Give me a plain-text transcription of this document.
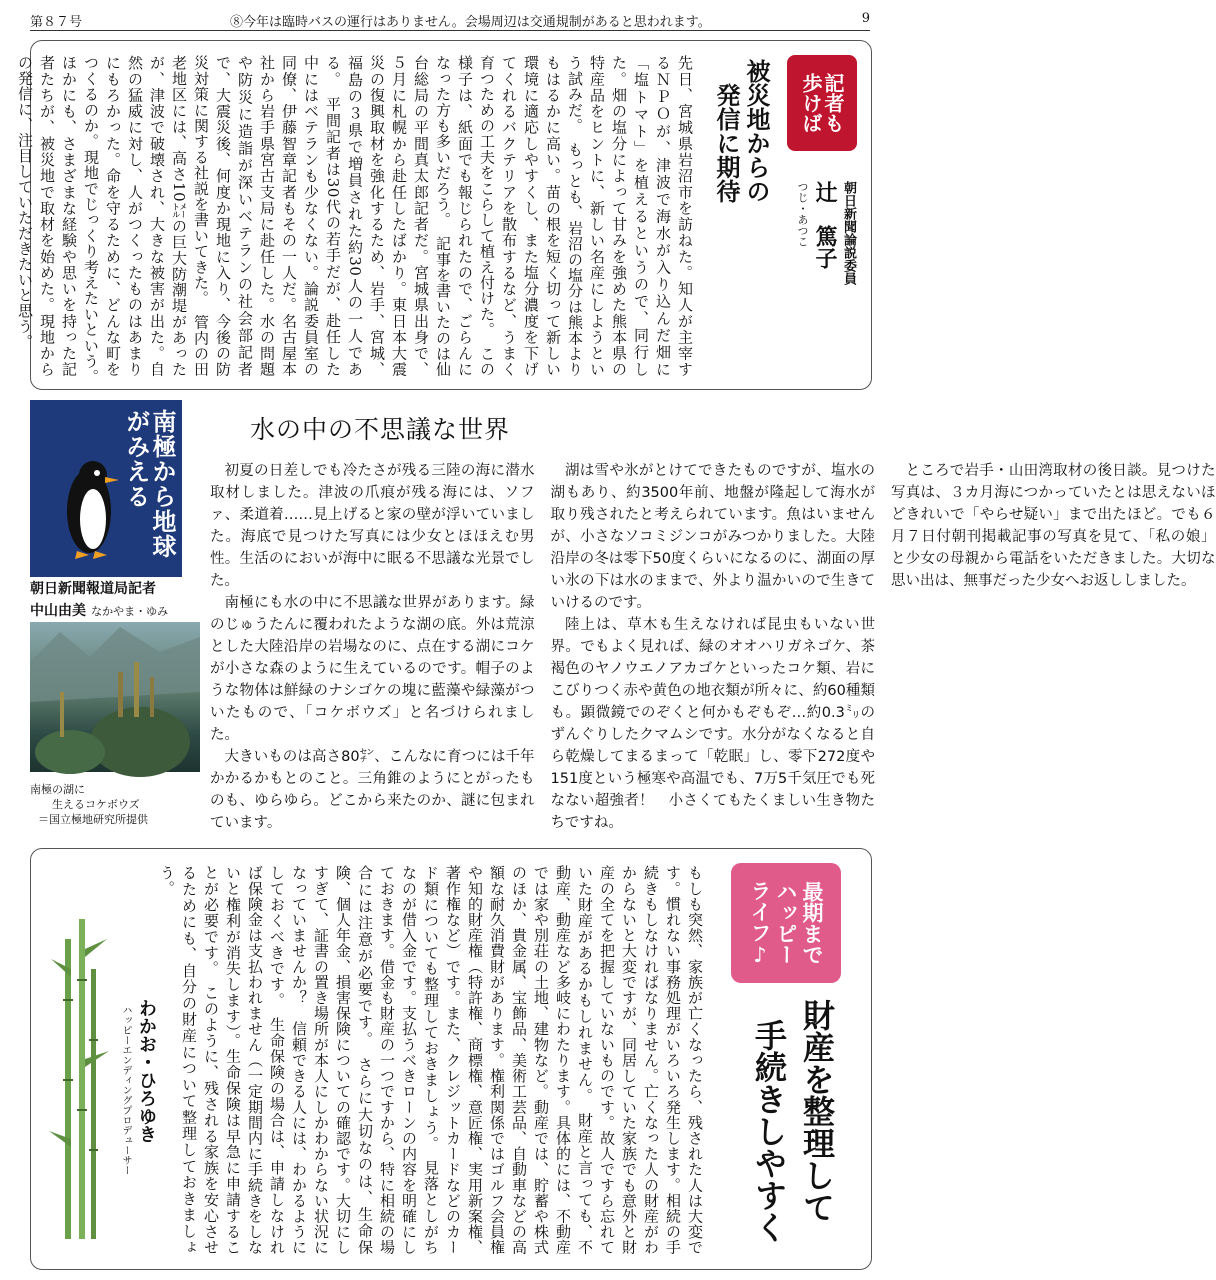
第８７号	⑧今年は臨時バスの運行はありません。会場周辺は交通規制があると思われます。	9
記者も
歩けば
被災地からの
発信に期待
朝日新聞論説委員
辻　篤子
つじ・あつこ
先日、宮城県岩沼市を訪ねた。知人が主宰するＮＰＯが、津波で海水が入り込んだ畑に「塩トマト」を植えるというので、同行した。畑の塩分によって甘みを強めた熊本県の特産品をヒントに、新しい名産にしようという試みだ。　もっとも、岩沼の塩分は熊本よりもはるかに高い。苗の根を短く切って新しい環境に適応しやすくし、また塩分濃度を下げてくれるバクテリアを散布するなど、うまく育つための工夫をこらして植え付けた。　この様子は、紙面でも報じられたので、ごらんになった方も多いだろう。　記事を書いたのは仙台総局の平間真太郎記者だ。宮城県出身で、５月に札幌から赴任したばかり。東日本大震災の復興取材を強化するため、岩手、宮城、福島の３県で増員された約30人の一人である。　平間記者は30代の若手だが、赴任した中にはベテランも少なくない。論説委員室の同僚、伊藤智章記者もその一人だ。名古屋本社から岩手県宮古支局に赴任した。水の問題や防災に造詣が深いベテランの社会部記者で、大震災後、何度か現地に入り、今後の防災対策に関する社説を書いてきた。　管内の田老地区には、高さ10㍍の巨大防潮堤があったが、津波で破壊され、大きな被害が出た。自然の猛威に対し、人がつくったものはあまりにもろかった。命を守るために、どんな町をつくるのか。現地でじっくり考えたいという。　ほかにも、さまざまな経験や思いを持った記者たちが、被災地で取材を始めた。現地からの発信に、注目していただきたいと思う。
南極から地球がみえる
朝日新聞報道局記者
中山由美 なかやま・ゆみ
南極の湖に
生えるコケボウズ
＝国立極地研究所提供
水の中の不思議な世界

初夏の日差しでも冷たさが残る三陸の海に潜水取材しました。津波の爪痕が残る海には、ソファ、柔道着……見上げると家の壁が浮いていました。海底で見つけた写真には少女とほほえむ男性。生活のにおいが海中に眠る不思議な光景でした。

南極にも水の中に不思議な世界があります。緑のじゅうたんに覆われたような湖の底。外は荒涼とした大陸沿岸の岩場なのに、点在する湖にコケが小さな森のように生えているのです。帽子のような物体は鮮緑のナシゴケの塊に藍藻や緑藻がついたもので、「コケボウズ」と名づけられました。

大きいものは高さ80㌢、こんなに育つには千年かかるかもとのこと。三角錐のようにとがったものも、ゆらゆら。どこから来たのか、謎に包まれています。

湖は雪や氷がとけてできたものですが、塩水の湖もあり、約3500年前、地盤が隆起して海水が取り残されたと考えられています。魚はいませんが、小さなソコミジンコがみつかりました。大陸沿岸の冬は零下50度くらいになるのに、湖面の厚い氷の下は水のままで、外より温かいので生きていけるのです。

陸上は、草木も生えなければ昆虫もいない世界。でもよく見れば、緑のオオハリガネゴケ、茶褐色のヤノウエノアカゴケといったコケ類、岩にこびりつく赤や黄色の地衣類が所々に、約60種類も。顕微鏡でのぞくと何かもぞもぞ…約0.3㍉のずんぐりしたクマムシです。水分がなくなると自ら乾燥してまるまって「乾眠」し、零下272度や151度という極寒や高温でも、7万5千気圧でも死なない超強者！　小さくてもたくましい生き物たちですね。

ところで岩手・山田湾取材の後日談。見つけた写真は、３カ月海につかっていたとは思えないほどきれいで「やらせ疑い」まで出たほど。でも６月７日付朝刊掲載記事の写真を見て、「私の娘」と少女の母親から電話をいただきました。大切な思い出は、無事だった少女へお返ししました。

最期まで
ハッピー
ライフ♪
財産を整理して
手続きしやすく
もしも突然、家族が亡くなったら、残された人は大変です。慣れない事務処理がいろいろ発生します。相続の手続きもしなければなりません。亡くなった人の財産がわからないと大変ですが、同居していた家族でも意外と財産の全てを把握していないものです。故人ですら忘れていた財産があるかもしれません。　財産と言っても、不動産、動産など多岐にわたります。具体的には、不動産では家や別荘の土地、建物など。動産では、貯蓄や株式のほか、貴金属、宝飾品、美術工芸品、自動車などの高額な耐久消費財があります。権利関係ではゴルフ会員権や知的財産権（特許権、商標権、意匠権、実用新案権、著作権など）です。また、クレジットカードなどのカード類についても整理しておきましょう。　見落としがちなのが借入金です。支払うべきローンの内容を明確にしておきます。借金も財産の一つですから、特に相続の場合には注意が必要です。　さらに大切なのは、生命保険、個人年金、損害保険についての確認です。大切にしすぎて、証書の置き場所が本人にしかわからない状況になっていませんか？　信頼できる人には、わかるようにしておくべきです。　生命保険の場合は、申請しなければ保険金は支払われません（一定期間内に手続きをしないと権利が消失します）。生命保険は早急に申請することが必要です。　このように、残される家族を安心させるためにも、自分の財産について整理しておきましょう。
わかお・ひろゆき
ハッピーエンディングプロデューサー
